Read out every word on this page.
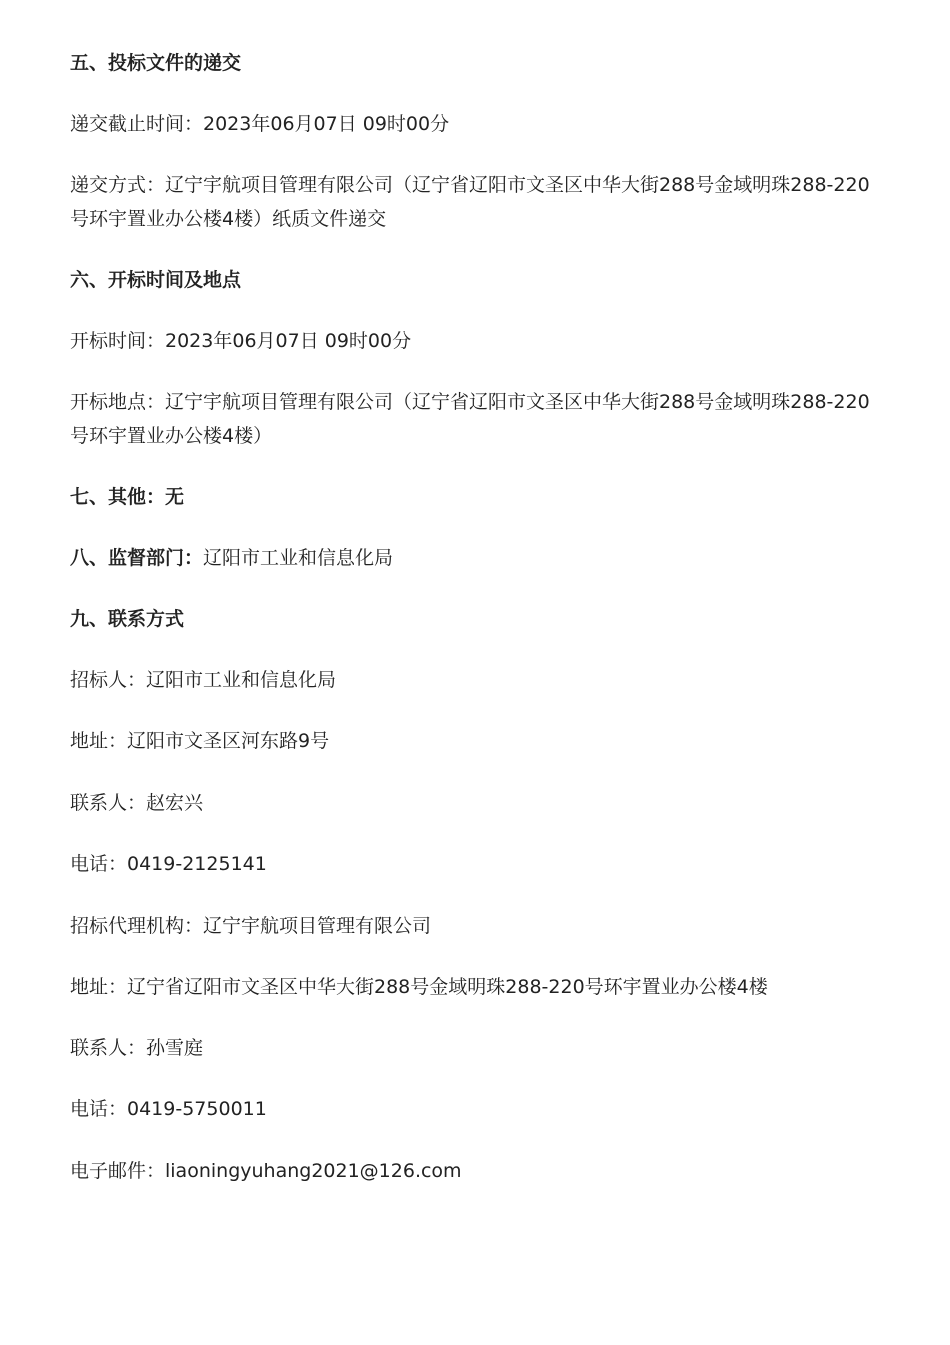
五、投标文件的递交
递交截止时间：2023年06月07日 09时00分
递交方式：辽宁宇航项目管理有限公司（辽宁省辽阳市文圣区中华大街288号金域明珠288-220号环宇置业办公楼4楼）纸质文件递交
六、开标时间及地点
开标时间：2023年06月07日 09时00分
开标地点：辽宁宇航项目管理有限公司（辽宁省辽阳市文圣区中华大街288号金域明珠288-220号环宇置业办公楼4楼）
七、其他：无
八、监督部门：辽阳市工业和信息化局
九、联系方式
招标人：辽阳市工业和信息化局
地址：辽阳市文圣区河东路9号
联系人：赵宏兴
电话：0419-2125141
招标代理机构：辽宁宇航项目管理有限公司
地址：辽宁省辽阳市文圣区中华大街288号金域明珠288-220号环宇置业办公楼4楼
联系人：孙雪庭
电话：0419-5750011
电子邮件：liaoningyuhang2021@126.com
